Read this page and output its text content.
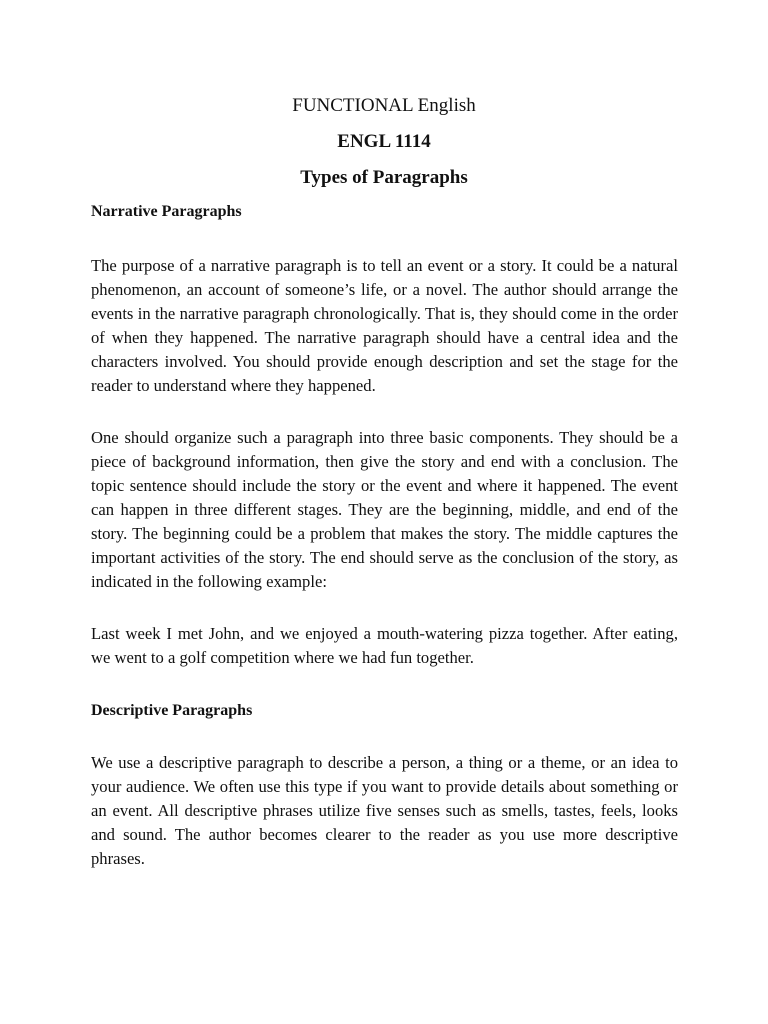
FUNCTIONAL English
ENGL 1114
Types of Paragraphs
Narrative Paragraphs

The purpose of a narrative paragraph is to tell an event or a story. It could be a natural phenomenon, an account of someone’s life, or a novel. The author should arrange the events in the narrative paragraph chronologically. That is, they should come in the order of when they happened. The narrative paragraph should have a central idea and the characters involved. You should provide enough description and set the stage for the reader to understand where they happened.

One should organize such a paragraph into three basic components. They should be a piece of background information, then give the story and end with a conclusion. The topic sentence should include the story or the event and where it happened. The event can happen in three different stages. They are the beginning, middle, and end of the story. The beginning could be a problem that makes the story. The middle captures the important activities of the story. The end should serve as the conclusion of the story, as indicated in the following example:

Last week I met John, and we enjoyed a mouth-watering pizza together. After eating, we went to a golf competition where we had fun together.

Descriptive Paragraphs

We use a descriptive paragraph to describe a person, a thing or a theme, or an idea to your audience. We often use this type if you want to provide details about something or an event. All descriptive phrases utilize five senses such as smells, tastes, feels, looks and sound. The author becomes clearer to the reader as you use more descriptive phrases.
